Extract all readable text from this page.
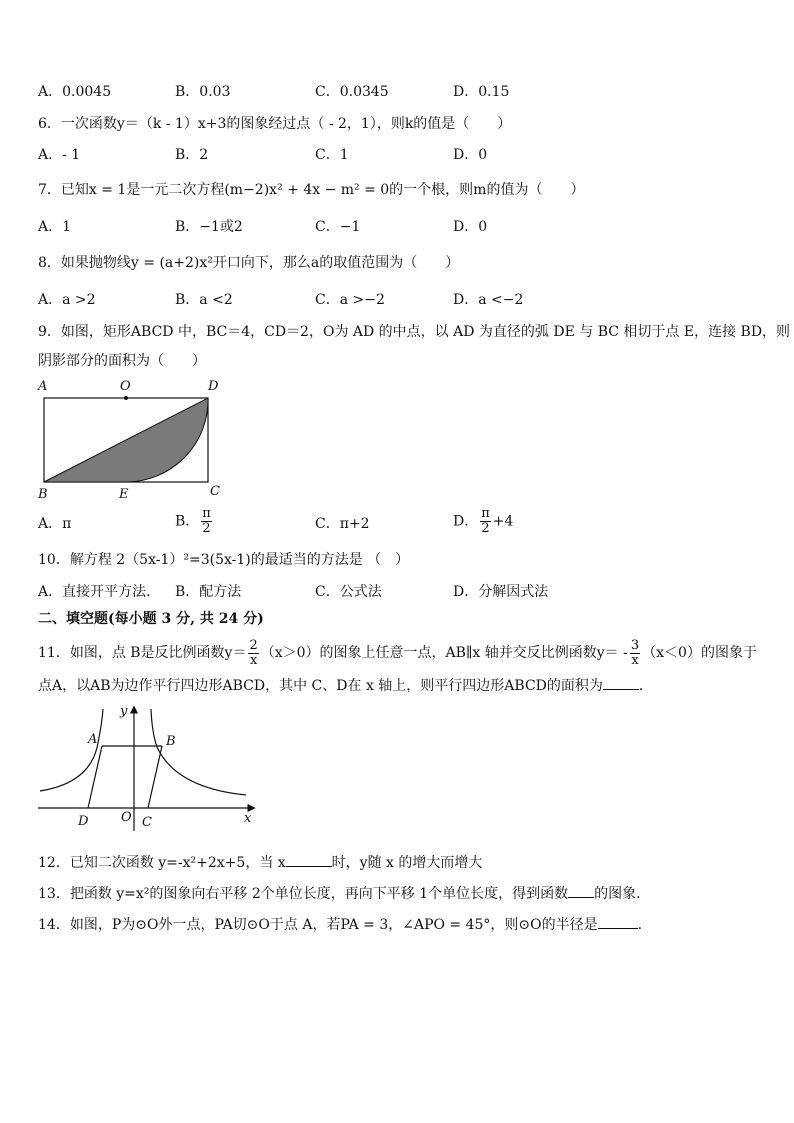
A．0.0045	B．0.03	C．0.0345	D．0.15
6．一次函数y＝（k - 1）x+3的图象经过点（ - 2，1），则k的值是（　　）
A．- 1	B．2	C．1	D．0
7．已知x = 1是一元二次方程(m−2)x² + 4x − m² = 0的一个根，则m的值为（　　）
A．1	B．−1或2	C．−1	D．0
8．如果抛物线y = (a+2)x²开口向下，那么a的取值范围为（　　）
A．a >2	B．a <2	C．a >−2	D．a <−2
9．如图，矩形ABCD 中，BC＝4，CD＝2，O为 AD 的中点，以 AD 为直径的弧 DE 与 BC 相切于点 E，连接 BD，则
阴影部分的面积为（　　）
A	O	D
B	E	C
A．π	B． $\frac{\pi}{2}$	C．π+2	D． $\frac{\pi}{2} +4$
10．解方程 2（5x-1）²=3(5x-1)的最适当的方法是 （　）
A．直接开平方法． B．配方法	C．公式法	D．分解因式法
二、填空题(每小题 3 分, 共 24 分)
11．如图，点 B是反比例函数$y= \frac{2}{x} (x>0)$的图象上任意一点，AB∥x 轴并交反比例函数$y= - \frac{3}{x} (x<0)$的图象于
点A，以AB为边作平行四边形ABCD，其中 C、D在 x 轴上，则平行四边形ABCD的面积为	．
y
x
A	B
D	O C
12．已知二次函数 y=-x²+2x+5，当 x	时，y随 x 的增大而增大
13．把函数 y=x²的图象向右平移 2个单位长度，再向下平移 1个单位长度，得到函数 的图象．
14．如图，P为⊙O外一点，PA切⊙O于点 A，若PA = 3，∠APO = 45°，则⊙O的半径是	.
